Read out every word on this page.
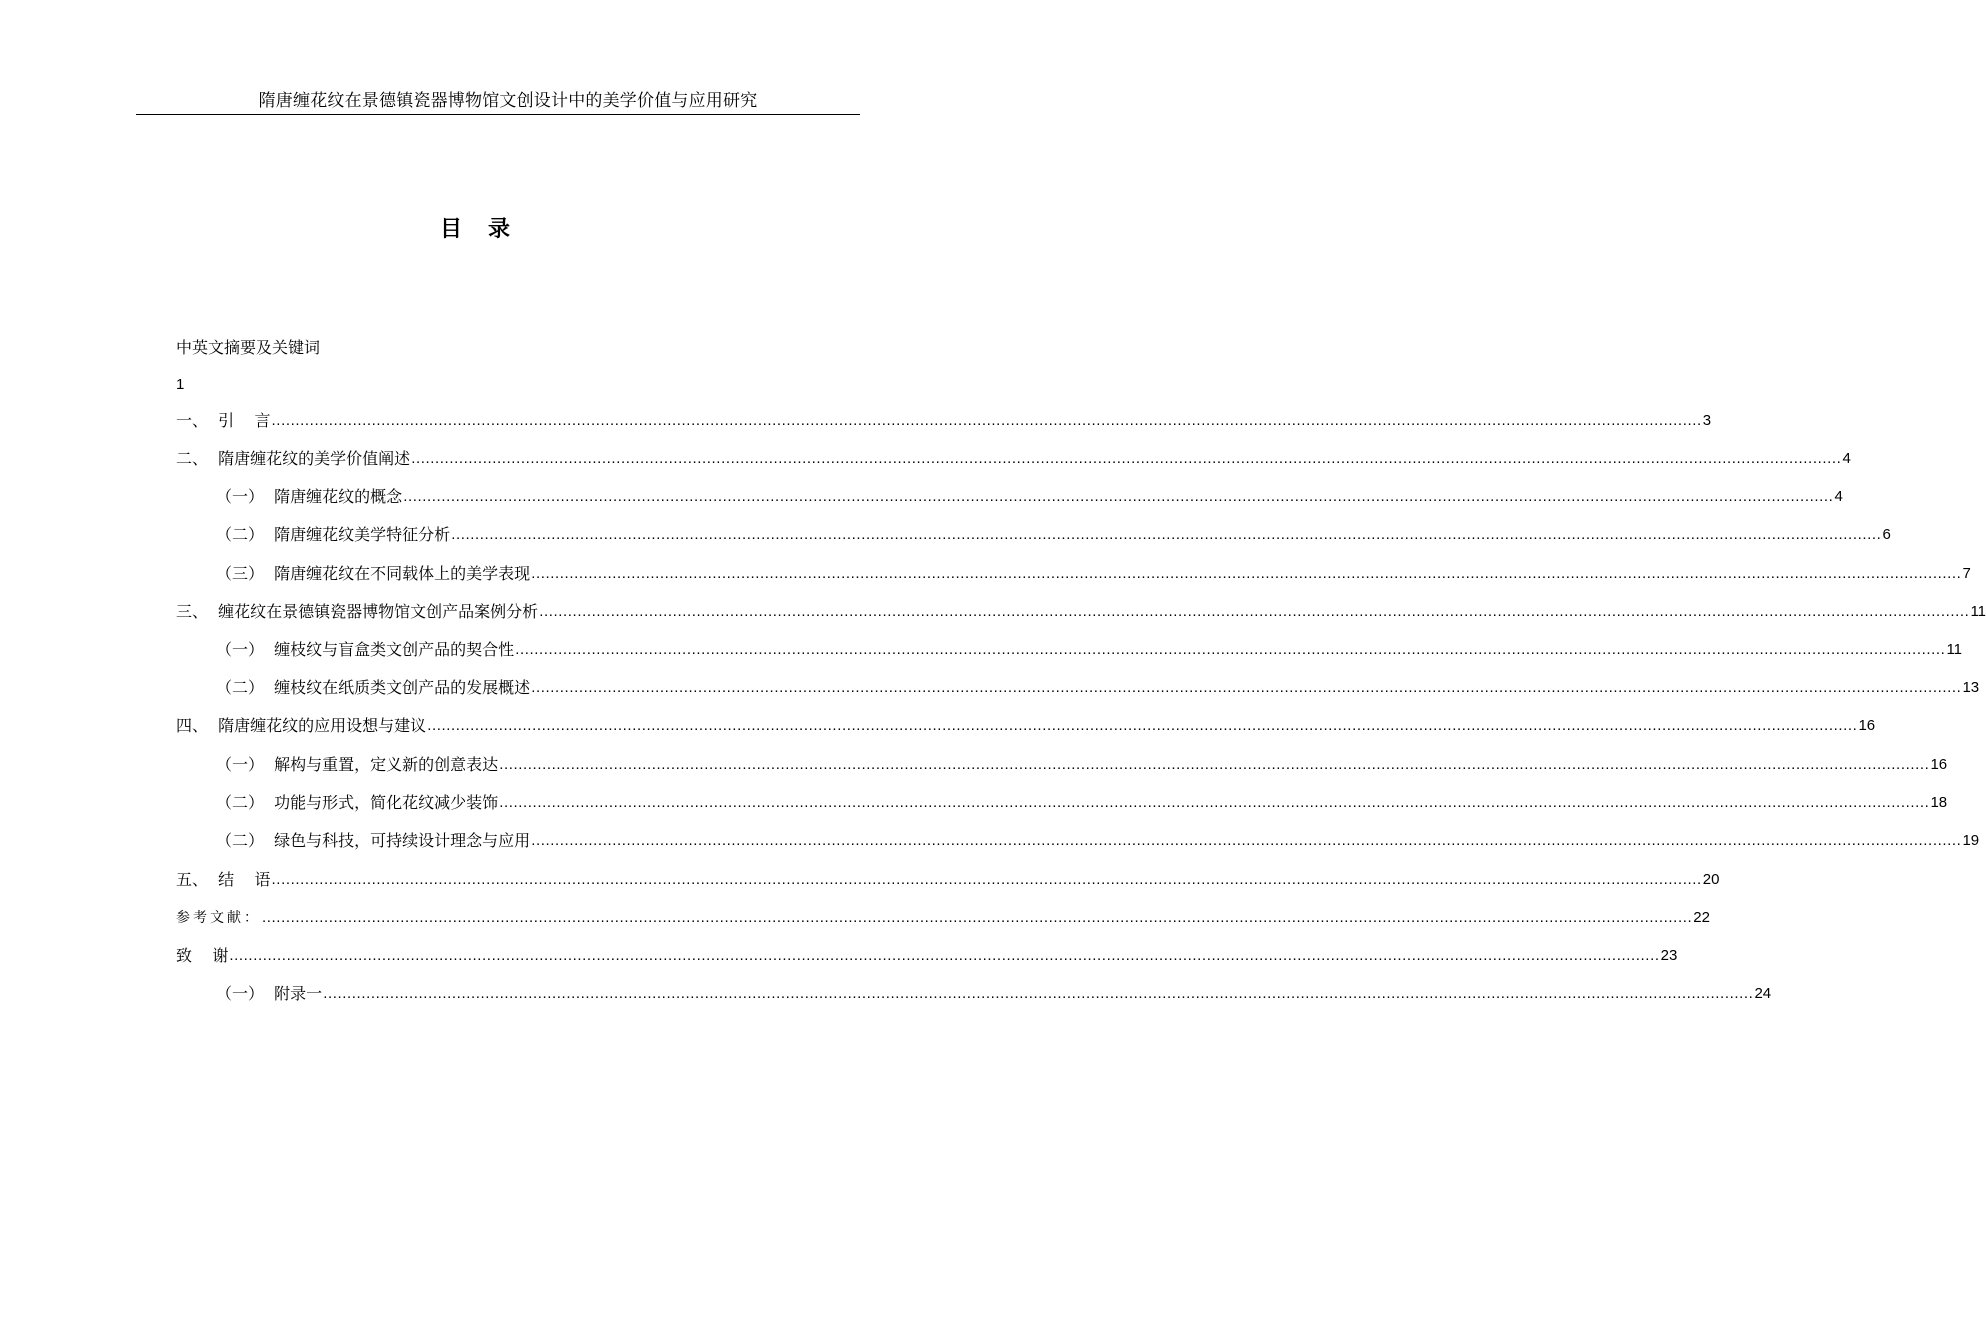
隋唐缠花纹在景德镇瓷器博物馆文创设计中的美学价值与应用研究
目录
中英文摘要及关键词
1
一、  引    言 ............................................................................................................................................................................................................................................................................................................ 3
二、  隋唐缠花纹的美学价值阐述 ............................................................................................................................................................................................................................................................................................................ 4
（一）  隋唐缠花纹的概念 ............................................................................................................................................................................................................................................................................................................ 4
（二）  隋唐缠花纹美学特征分析 ............................................................................................................................................................................................................................................................................................................ 6
（三）  隋唐缠花纹在不同载体上的美学表现 ............................................................................................................................................................................................................................................................................................................ 7
三、  缠花纹在景德镇瓷器博物馆文创产品案例分析 ............................................................................................................................................................................................................................................................................................................ 11
（一）  缠枝纹与盲盒类文创产品的契合性 ............................................................................................................................................................................................................................................................................................................ 11
（二）  缠枝纹在纸质类文创产品的发展概述 ............................................................................................................................................................................................................................................................................................................ 13
四、  隋唐缠花纹的应用设想与建议 ............................................................................................................................................................................................................................................................................................................ 16
（一）  解构与重置，定义新的创意表达 ............................................................................................................................................................................................................................................................................................................ 16
（二）  功能与形式，简化花纹减少装饰 ............................................................................................................................................................................................................................................................................................................ 18
（二）  绿色与科技，可持续设计理念与应用 ............................................................................................................................................................................................................................................................................................................ 19
五、  结    语 ............................................................................................................................................................................................................................................................................................................ 20
参考文献： ............................................................................................................................................................................................................................................................................................................ 22
致    谢 ............................................................................................................................................................................................................................................................................................................ 23
（一）  附录一 ............................................................................................................................................................................................................................................................................................................ 24
